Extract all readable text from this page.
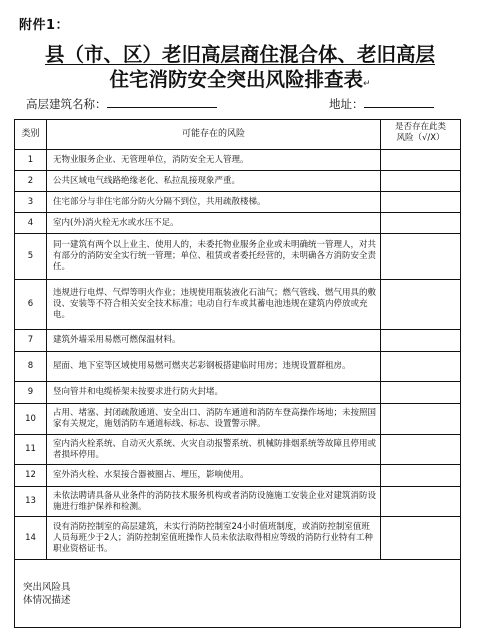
附件1：
县（市、区）老旧高层商住混合体、老旧高层
住宅消防安全突出风险排查表↵
高层建筑名称：	地址：
类别	可能存在的风险	是否存在此类
风险（√/X）
1	无物业服务企业、无管理单位，消防安全无人管理。	
2	公共区域电气线路绝缘老化、私拉乱接现象严重。	
3	住宅部分与非住宅部分防火分隔不到位，共用疏散楼梯。	
4	室内(外)消火栓无水或水压不足。	
5	同一建筑有两个以上业主、使用人的，未委托物业服务企业或未明确统一管理人，对共有部分的消防安全实行统一管理；单位、租赁或者委托经营的，未明确各方消防安全责任。	
6	违规进行电焊、气焊等明火作业；违规使用瓶装液化石油气；燃气管线、燃气用具的敷设、安装等不符合相关安全技术标准；电动自行车或其蓄电池违规在建筑内停放或充电。	
7	建筑外墙采用易燃可燃保温材料。	
8	屋面、地下室等区域使用易燃可燃夹芯彩钢板搭建临时用房；违规设置群租房。	
9	竖向管井和电缆桥架未按要求进行防火封堵。	
10	占用、堵塞、封闭疏散通道、安全出口、消防车通道和消防车登高操作场地；未按照国家有关规定，施划消防车通道标线、标志、设置警示牌。	
11	室内消火栓系统、自动灭火系统、火灾自动报警系统、机械防排烟系统等故障且停用或者损坏停用。	
12	室外消火栓、水泵接合器被圈占、埋压，影响使用。	
13	未依法聘请具备从业条件的消防技术服务机构或者消防设施施工安装企业对建筑消防设施进行维护保养和检测。	
14	设有消防控制室的高层建筑，未实行消防控制室24小时值班制度，或消防控制室值班人员每班少于2人；消防控制室值班操作人员未依法取得相应等级的消防行业特有工种职业资格证书。	
突出风险具
体情况描述		
